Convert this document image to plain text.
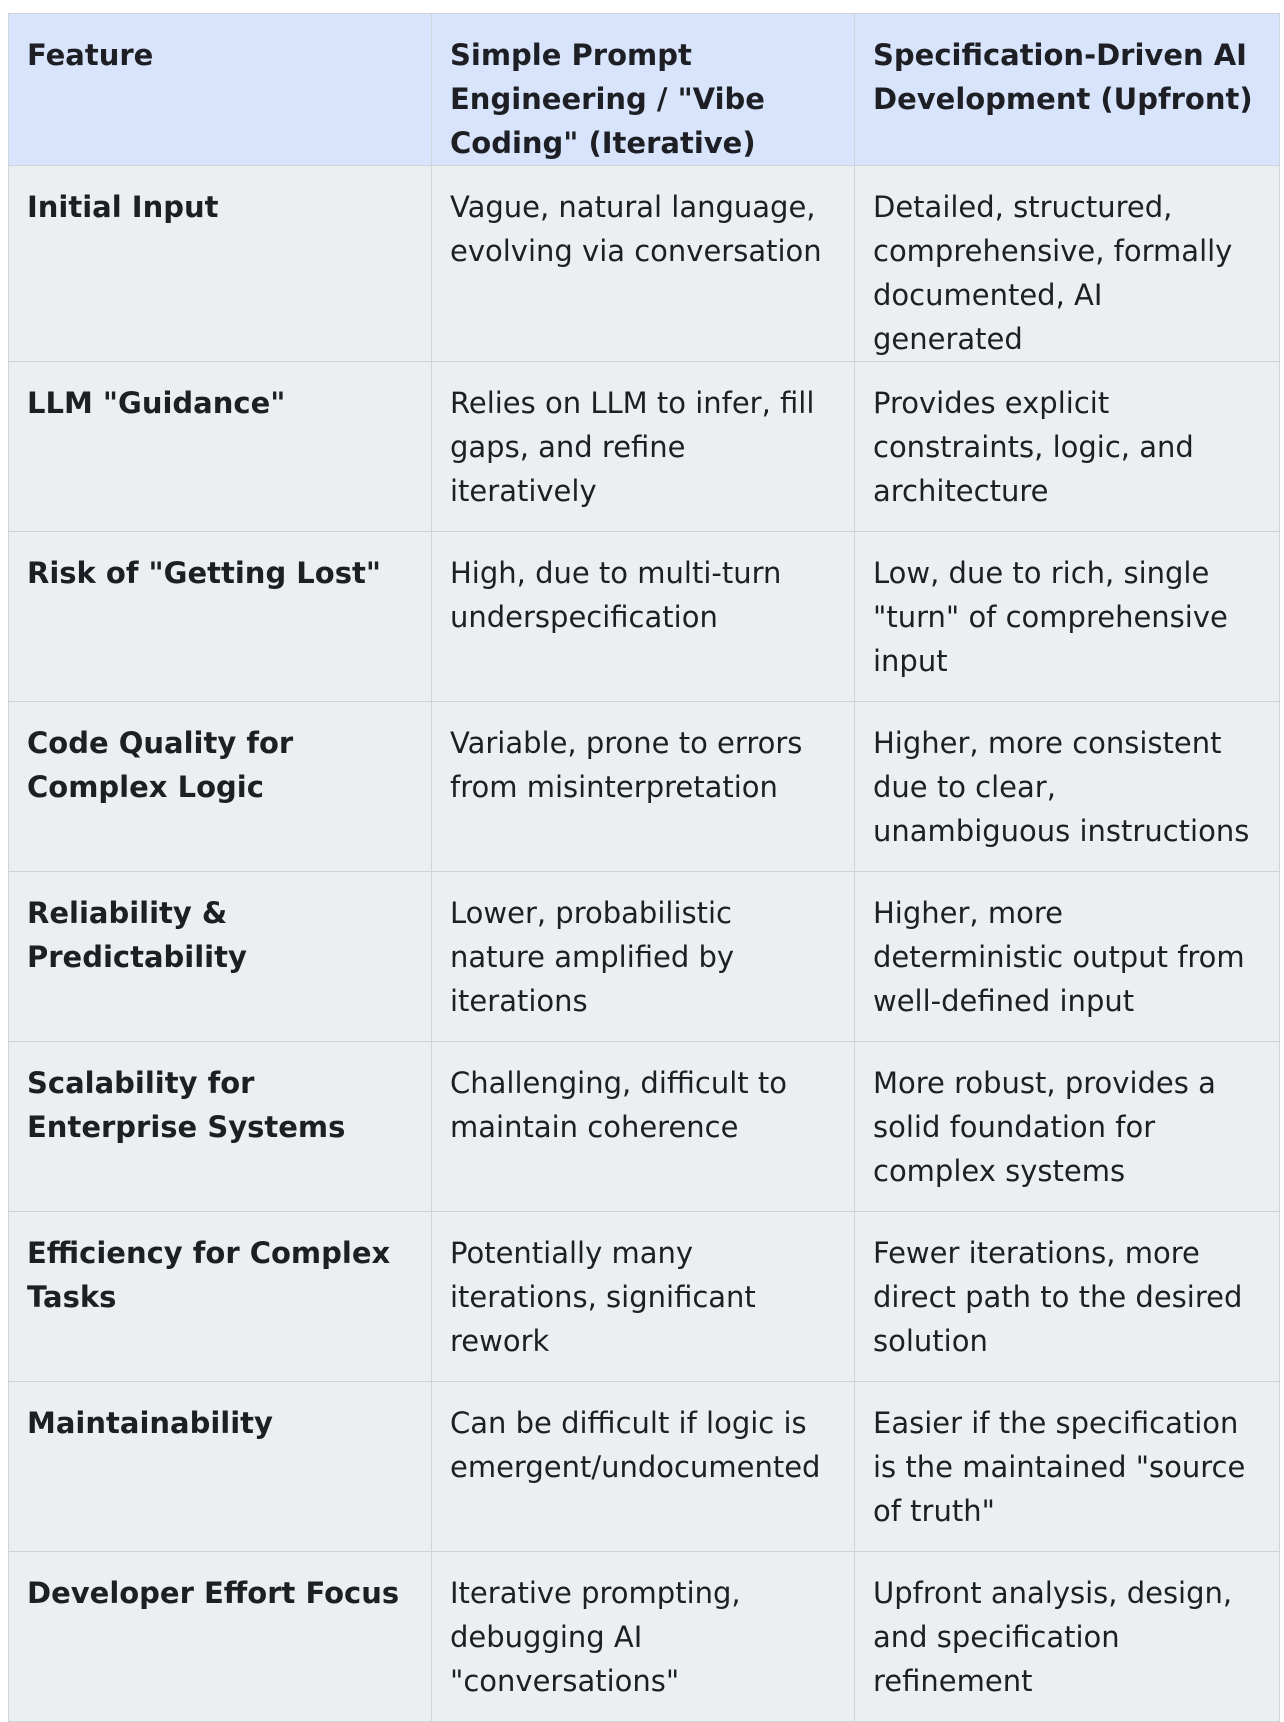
Feature	Simple Prompt Engineering / "Vibe Coding" (Iterative)	Specification-Driven AI Development (Upfront)
Initial Input	Vague, natural language, evolving via conversation	Detailed, structured, comprehensive, formally documented, AI generated
LLM "Guidance"	Relies on LLM to infer, fill gaps, and refine iteratively	Provides explicit constraints, logic, and architecture
Risk of "Getting Lost"	High, due to multi-turn underspecification	Low, due to rich, single "turn" of comprehensive input
Code Quality for Complex Logic	Variable, prone to errors from misinterpretation	Higher, more consistent due to clear, unambiguous instructions
Reliability & Predictability	Lower, probabilistic nature amplified by iterations	Higher, more deterministic output from well-defined input
Scalability for Enterprise Systems	Challenging, difficult to maintain coherence	More robust, provides a solid foundation for complex systems
Efficiency for Complex Tasks	Potentially many iterations, significant rework	Fewer iterations, more direct path to the desired solution
Maintainability	Can be difficult if logic is emergent/undocumented	Easier if the specification is the maintained "source of truth"
Developer Effort Focus	Iterative prompting, debugging AI "conversations"	Upfront analysis, design, and specification refinement
